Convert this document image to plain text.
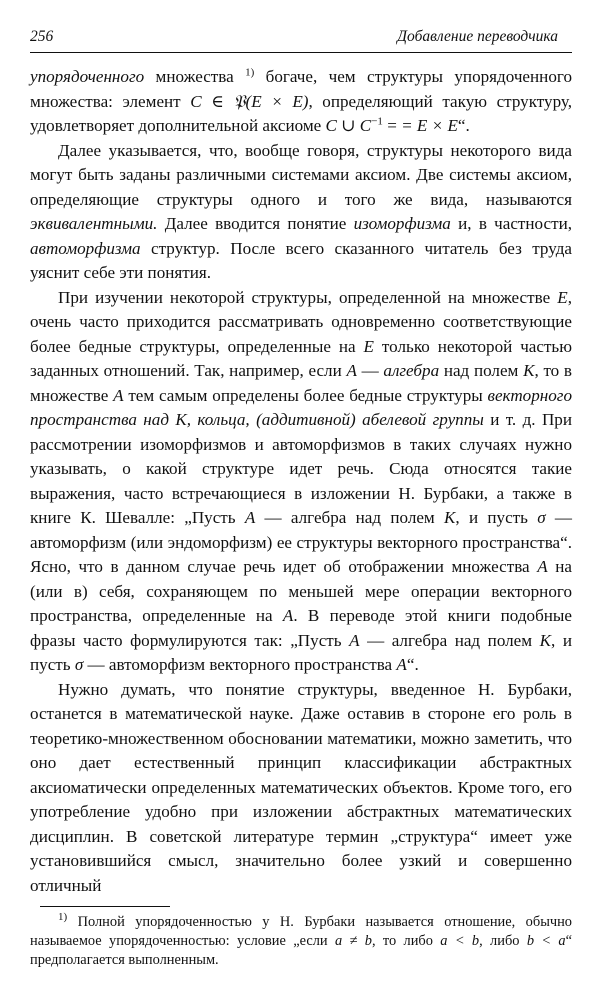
256	Добавление переводчика

упорядоченного множества $^{1)}$ богаче, чем структуры упорядоченного множества: элемент C ∈ 𝔓(E × E), определяющий такую структуру, удовлетворяет дополнительной аксиоме C ∪ $C^{-1}$ = = E × E“.

Далее указывается, что, вообще говоря, структуры некоторого вида могут быть заданы различными системами аксиом. Две системы аксиом, определяющие структуры одного и того же вида, называются эквивалентными. Далее вводится понятие изоморфизма и, в частности, автоморфизма структур. После всего сказанного читатель без труда уяснит себе эти понятия.

При изучении некоторой структуры, определенной на множестве E, очень часто приходится рассматривать одновременно соответствующие более бедные структуры, определенные на E только некоторой частью заданных отношений. Так, например, если A — алгебра над полем K, то в множестве A тем самым определены более бедные структуры векторного пространства над K, кольца, (аддитивной) абелевой группы и т. д. При рассмотрении изоморфизмов и автоморфизмов в таких случаях нужно указывать, о какой структуре идет речь. Сюда относятся такие выражения, часто встречающиеся в изложении Н. Бурбаки, а также в книге К. Шевалле: „Пусть A — алгебра над полем K, и пусть σ — автоморфизм (или эндоморфизм) ее структуры векторного пространства“. Ясно, что в данном случае речь идет об отображении множества A на (или в) себя, сохраняющем по меньшей мере операции векторного пространства, определенные на A. В переводе этой книги подобные фразы часто формулируются так: „Пусть A — алгебра над полем K, и пусть σ — автоморфизм векторного пространства A“.

Нужно думать, что понятие структуры, введенное Н. Бурбаки, останется в математической науке. Даже оставив в стороне его роль в теоретико-множественном обосновании математики, можно заметить, что оно дает естественный принцип классификации абстрактных аксиоматически определенных математических объектов. Кроме того, его употребление удобно при изложении абстрактных математических дисциплин. В советской литературе термин „структура“ имеет уже установившийся смысл, значительно более узкий и совершенно отличный

$^{1)}$ Полной упорядоченностью у Н. Бурбаки называется отношение, обычно называемое упорядоченностью: условие „если a ≠ b, то либо a < b, либо b < a“ предполагается выполненным.
